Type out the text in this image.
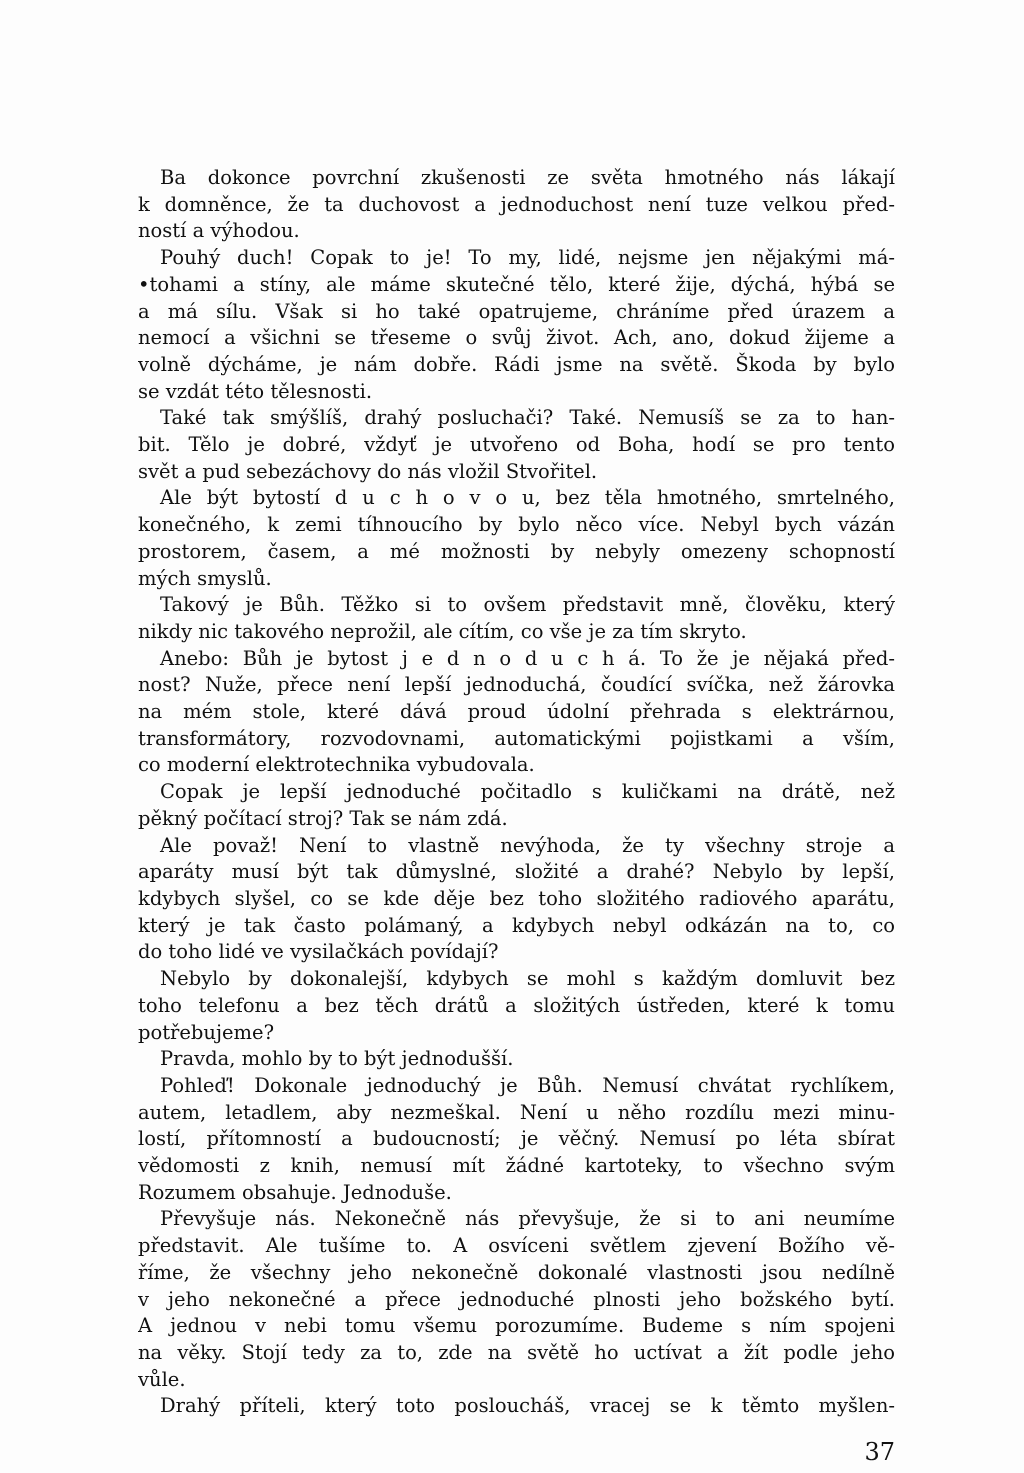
Ba dokonce povrchní zkušenosti ze světa hmotného nás lákají
k domněnce, že ta duchovost a jednoduchost není tuze velkou před-
ností a výhodou.
Pouhý duch! Copak to je! To my, lidé, nejsme jen nějakými má-
•tohami a stíny, ale máme skutečné tělo, které žije, dýchá, hýbá se
a má sílu. Však si ho také opatrujeme, chráníme před úrazem a
nemocí a všichni se třeseme o svůj život. Ach, ano, dokud žijeme a
volně dýcháme, je nám dobře. Rádi jsme na světě. Škoda by bylo
se vzdát této tělesnosti.
Také tak smýšlíš, drahý posluchači? Také. Nemusíš se za to han-
bit. Tělo je dobré, vždyť je utvořeno od Boha, hodí se pro tento
svět a pud sebezáchovy do nás vložil Stvořitel.
Ale být bytostí d u c h o v o u, bez těla hmotného, smrtelného,
konečného, k zemi tíhnoucího by bylo něco více. Nebyl bych vázán
prostorem, časem, a mé možnosti by nebyly omezeny schopností
mých smyslů.
Takový je Bůh. Těžko si to ovšem představit mně, člověku, který
nikdy nic takového neprožil, ale cítím, co vše je za tím skryto.
Anebo: Bůh je bytost j e d n o d u c h á. To že je nějaká před-
nost? Nuže, přece není lepší jednoduchá, čoudící svíčka, než žárovka
na mém stole, které dává proud údolní přehrada s elektrárnou,
transformátory, rozvodovnami, automatickými pojistkami a vším,
co moderní elektrotechnika vybudovala.
Copak je lepší jednoduché počitadlo s kuličkami na drátě, než
pěkný počítací stroj? Tak se nám zdá.
Ale považ! Není to vlastně nevýhoda, že ty všechny stroje a
aparáty musí být tak důmyslné, složité a drahé? Nebylo by lepší,
kdybych slyšel, co se kde děje bez toho složitého radiového aparátu,
který je tak často polámaný, a kdybych nebyl odkázán na to, co
do toho lidé ve vysilačkách povídají?
Nebylo by dokonalejší, kdybych se mohl s každým domluvit bez
toho telefonu a bez těch drátů a složitých ústředen, které k tomu
potřebujeme?
Pravda, mohlo by to být jednodušší.
Pohleď! Dokonale jednoduchý je Bůh. Nemusí chvátat rychlíkem,
autem, letadlem, aby nezmeškal. Není u něho rozdílu mezi minu-
lostí, přítomností a budoucností; je věčný. Nemusí po léta sbírat
vědomosti z knih, nemusí mít žádné kartoteky, to všechno svým
Rozumem obsahuje. Jednoduše.
Převyšuje nás. Nekonečně nás převyšuje, že si to ani neumíme
představit. Ale tušíme to. A osvíceni světlem zjevení Božího vě-
říme, že všechny jeho nekonečně dokonalé vlastnosti jsou nedílně
v jeho nekonečné a přece jednoduché plnosti jeho božského bytí.
A jednou v nebi tomu všemu porozumíme. Budeme s ním spojeni
na věky. Stojí tedy za to, zde na světě ho uctívat a žít podle jeho
vůle.
Drahý příteli, který toto posloucháš, vracej se k těmto myšlen-
37
